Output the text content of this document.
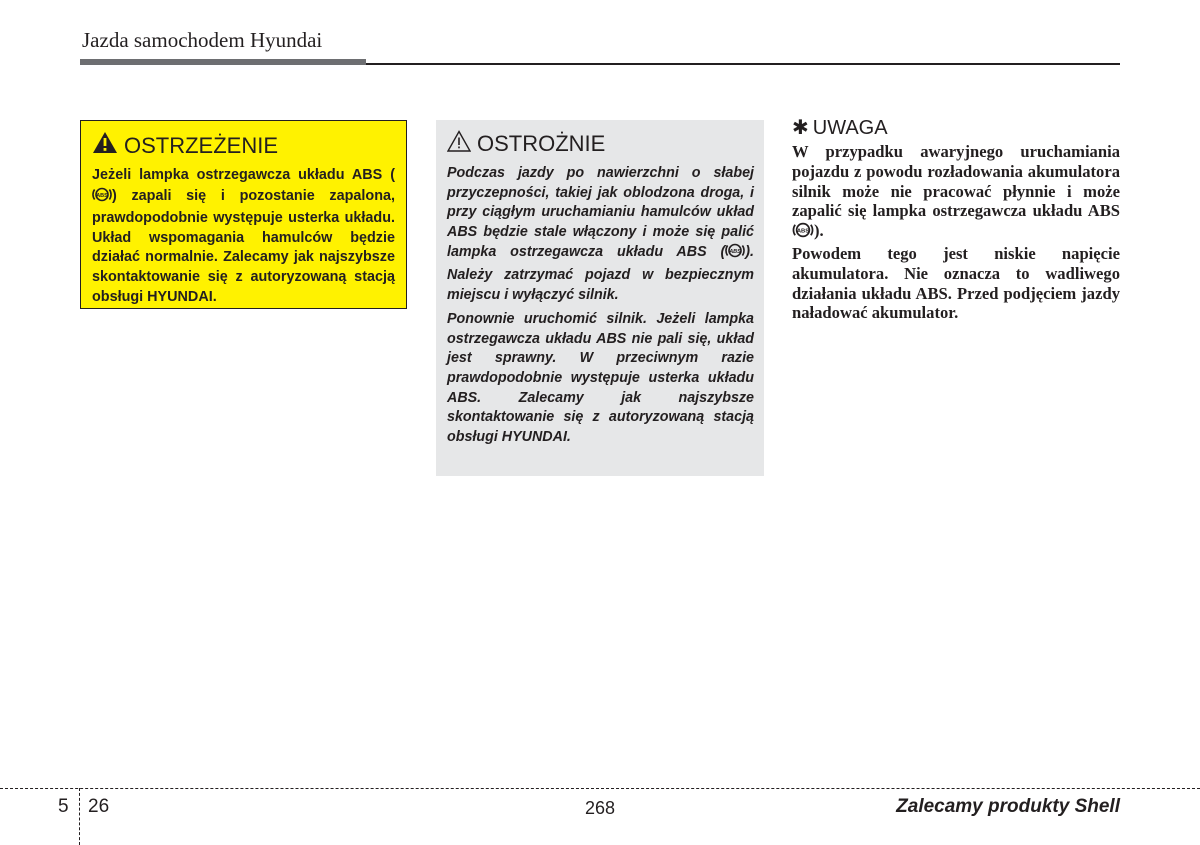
Jazda samochodem Hyundai
OSTRZEŻENIE

Jeżeli lampka ostrzegawcza układu ABS (
ABS ) zapali się i pozostanie zapalona, prawdopodobnie występuje usterka układu. Układ wspomagania hamulców będzie działać normalnie. Zalecamy jak najszybsze skontaktowanie się z autoryzowaną stacją obsługi HYUNDAI.

OSTROŻNIE

Podczas jazdy po nawierzchni o słabej przyczepności, takiej jak oblodzona droga, i przy ciągłym uruchamianiu hamulców układ ABS będzie stale włączony i może się palić lampka ostrzegawcza układu ABS ( ABS ). Należy zatrzymać pojazd w bezpiecznym miejscu i wyłączyć silnik.

Ponownie uruchomić silnik. Jeżeli lampka ostrzegawcza układu ABS nie pali się, układ jest sprawny. W przeciwnym razie prawdopodobnie występuje usterka układu ABS. Zalecamy jak najszybsze skontaktowanie się z autoryzowaną stacją obsługi HYUNDAI.

✱ UWAGA

W przypadku awaryjnego uruchamiania pojazdu z powodu rozładowania akumulatora silnik może nie pracować płynnie i może zapalić się lampka ostrzegawcza układu ABS
ABS ).

Powodem tego jest niskie napięcie akumulatora. Nie oznacza to wadliwego działania układu ABS. Przed podjęciem jazdy naładować akumulator.

5 26	268	Zalecamy produkty Shell
